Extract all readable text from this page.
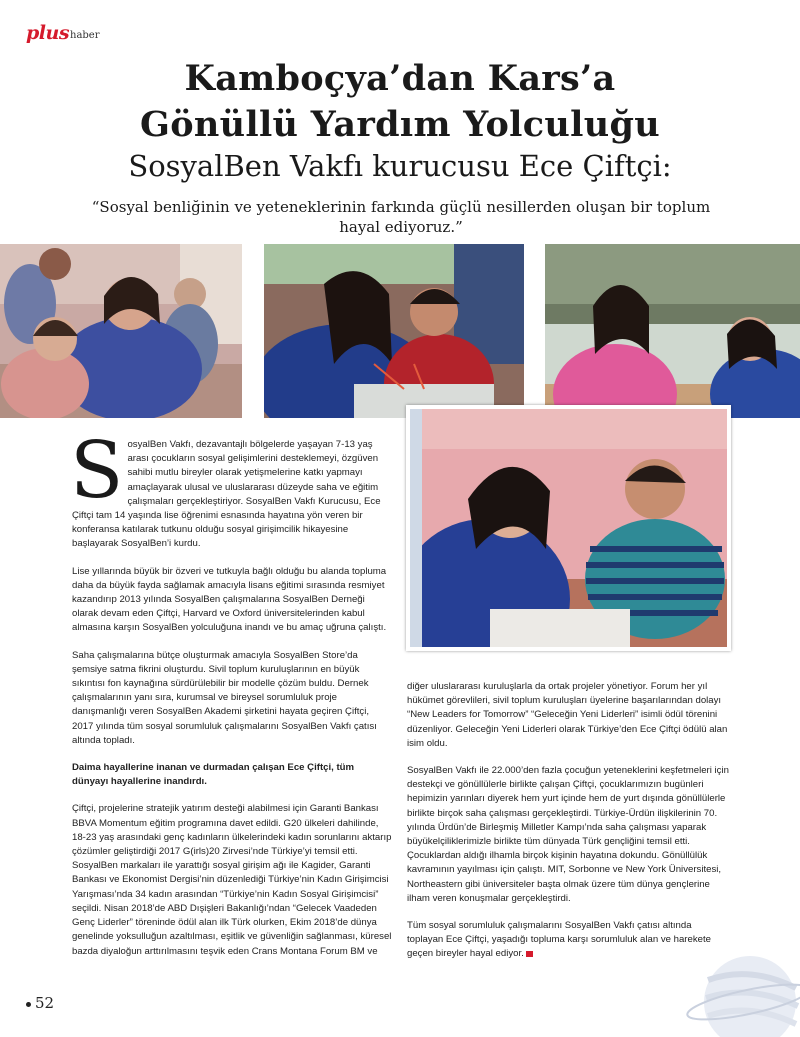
plus haber
Kamboçya’dan Kars’a
Gönüllü Yardım Yolculuğu
SosyalBen Vakfı kurucusu Ece Çiftçi:
“Sosyal benliğinin ve yeteneklerinin farkında güçlü nesillerden oluşan bir toplum hayal ediyoruz.”

SosyalBen Vakfı, dezavantajlı bölgelerde yaşayan 7-13 yaş arası çocukların sosyal gelişimlerini desteklemeyi, özgüven sahibi mutlu bireyler olarak yetişmelerine katkı yapmayı amaçlayarak ulusal ve uluslararası düzeyde saha ve eğitim çalışmaları gerçekleştiriyor. SosyalBen Vakfı Kurucusu, Ece Çiftçi tam 14 yaşında lise öğrenimi esnasında hayatına yön veren bir konferansa katılarak tutkunu olduğu sosyal girişimcilik hikayesine başlayarak SosyalBen’i kurdu.

Lise yıllarında büyük bir özveri ve tutkuyla bağlı olduğu bu alanda topluma daha da büyük fayda sağlamak amacıyla lisans eğitimi sırasında resmiyet kazandırıp 2013 yılında SosyalBen çalışmalarına SosyalBen Derneği olarak devam eden Çiftçi, Harvard ve Oxford üniversitelerinden kabul almasına karşın SosyalBen yolculuğuna inandı ve bu amaç uğruna çalıştı.

Saha çalışmalarına bütçe oluşturmak amacıyla SosyalBen Store’da şemsiye satma fikrini oluşturdu. Sivil toplum kuruluşlarının en büyük sıkıntısı fon kaynağına sürdürülebilir bir modelle çözüm buldu. Dernek çalışmalarının yanı sıra, kurumsal ve bireysel sorumluluk proje danışmanlığı veren SosyalBen Akademi şirketini hayata geçiren Çiftçi, 2017 yılında tüm sosyal sorumluluk çalışmalarını SosyalBen Vakfı çatısı altında topladı.

Daima hayallerine inanan ve durmadan çalışan Ece Çiftçi, tüm dünyayı hayallerine inandırdı.

Çiftçi, projelerine stratejik yatırım desteği alabilmesi için Garanti Bankası BBVA Momentum eğitim programına davet edildi. G20 ülkeleri dahilinde, 18-23 yaş arasındaki genç kadınların ülkelerindeki kadın sorunlarını aktarıp çözümler geliştirdiği 2017 G(irls)20 Zirvesi’nde Türkiye’yi temsil etti. SosyalBen markaları ile yarattığı sosyal girişim ağı ile Kagider, Garanti Bankası ve Ekonomist Dergisi’nin düzenlediği Türkiye’nin Kadın Girişimcisi Yarışması’nda 34 kadın arasından “Türkiye’nin Kadın Sosyal Girişimcisi” seçildi. Nisan 2018’de ABD Dışişleri Bakanlığı’ndan “Gelecek Vaadeden Genç Liderler” töreninde ödül alan ilk Türk olurken, Ekim 2018’de dünya genelinde yoksulluğun azaltılması, eşitlik ve güvenliğin sağlanması, küresel bazda diyaloğun arttırılmasını teşvik eden Crans Montana Forum BM ve

diğer uluslararası kuruluşlarla da ortak projeler yönetiyor. Forum her yıl hükümet görevlileri, sivil toplum kuruluşları üyelerine başarılarından dolayı “New Leaders for Tomorrow” “Geleceğin Yeni Liderleri” isimli ödül törenini düzenliyor. Geleceğin Yeni Liderleri olarak Türkiye’den Ece Çiftçi ödülü alan isim oldu.

SosyalBen Vakfı ile 22.000’den fazla çocuğun yeteneklerini keşfetmeleri için destekçi ve gönüllülerle birlikte çalışan Çiftçi, çocuklarımızın bugünleri hepimizin yarınları diyerek hem yurt içinde hem de yurt dışında gönüllülerle birlikte birçok saha çalışması gerçekleştirdi. Türkiye-Ürdün ilişkilerinin 70. yılında Ürdün’de Birleşmiş Milletler Kampı’nda saha çalışması yaparak büyükelçiliklerimizle birlikte tüm dünyada Türk gençliğini temsil etti. Çocuklardan aldığı ilhamla birçok kişinin hayatına dokundu. Gönüllülük kavramının yayılması için çalıştı. MIT, Sorbonne ve New York Üniversitesi, Northeastern gibi üniversiteler başta olmak üzere tüm dünya gençlerine ilham veren konuşmalar gerçekleştirdi.

Tüm sosyal sorumluluk çalışmalarını SosyalBen Vakfı çatısı altında toplayan Ece Çiftçi, yaşadığı topluma karşı sorumluluk alan ve harekete geçen bireyler hayal ediyor.

52
